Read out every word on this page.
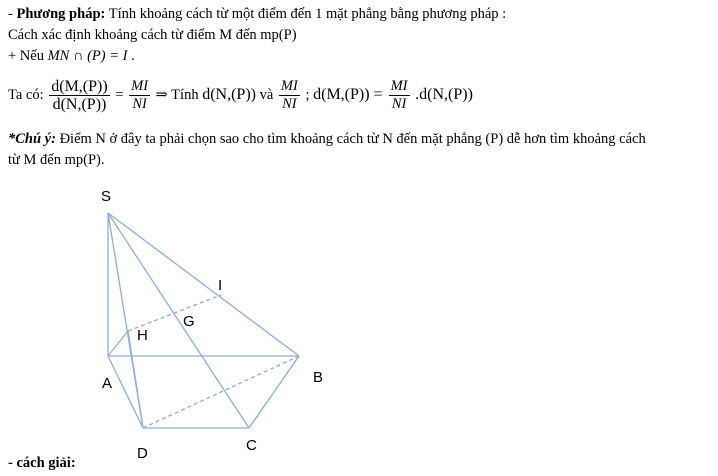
- Phương pháp: Tính khoảng cách từ một điểm đến 1 mặt phẳng bằng phương pháp :
Cách xác định khoảng cách từ điểm M đến mp(P)
+ Nếu MN ∩ (P) = I .
Ta có: $\frac{d(M,(P))}{d(N,(P))} = \frac{MI}{NI}$ ⇒ Tính d(N,(P)) và $\frac{MI}{NI}$ ; $d(M,(P)) = \frac{MI}{NI} .d(N,(P))$
*Chú ý: Điểm N ở đây ta phải chọn sao cho tìm khoảng cách từ N đến mặt phẳng (P) dễ hơn tìm khoảng cách
từ M đến mp(P).
S
I
H
G
A	B
D	C
- cách giải:
